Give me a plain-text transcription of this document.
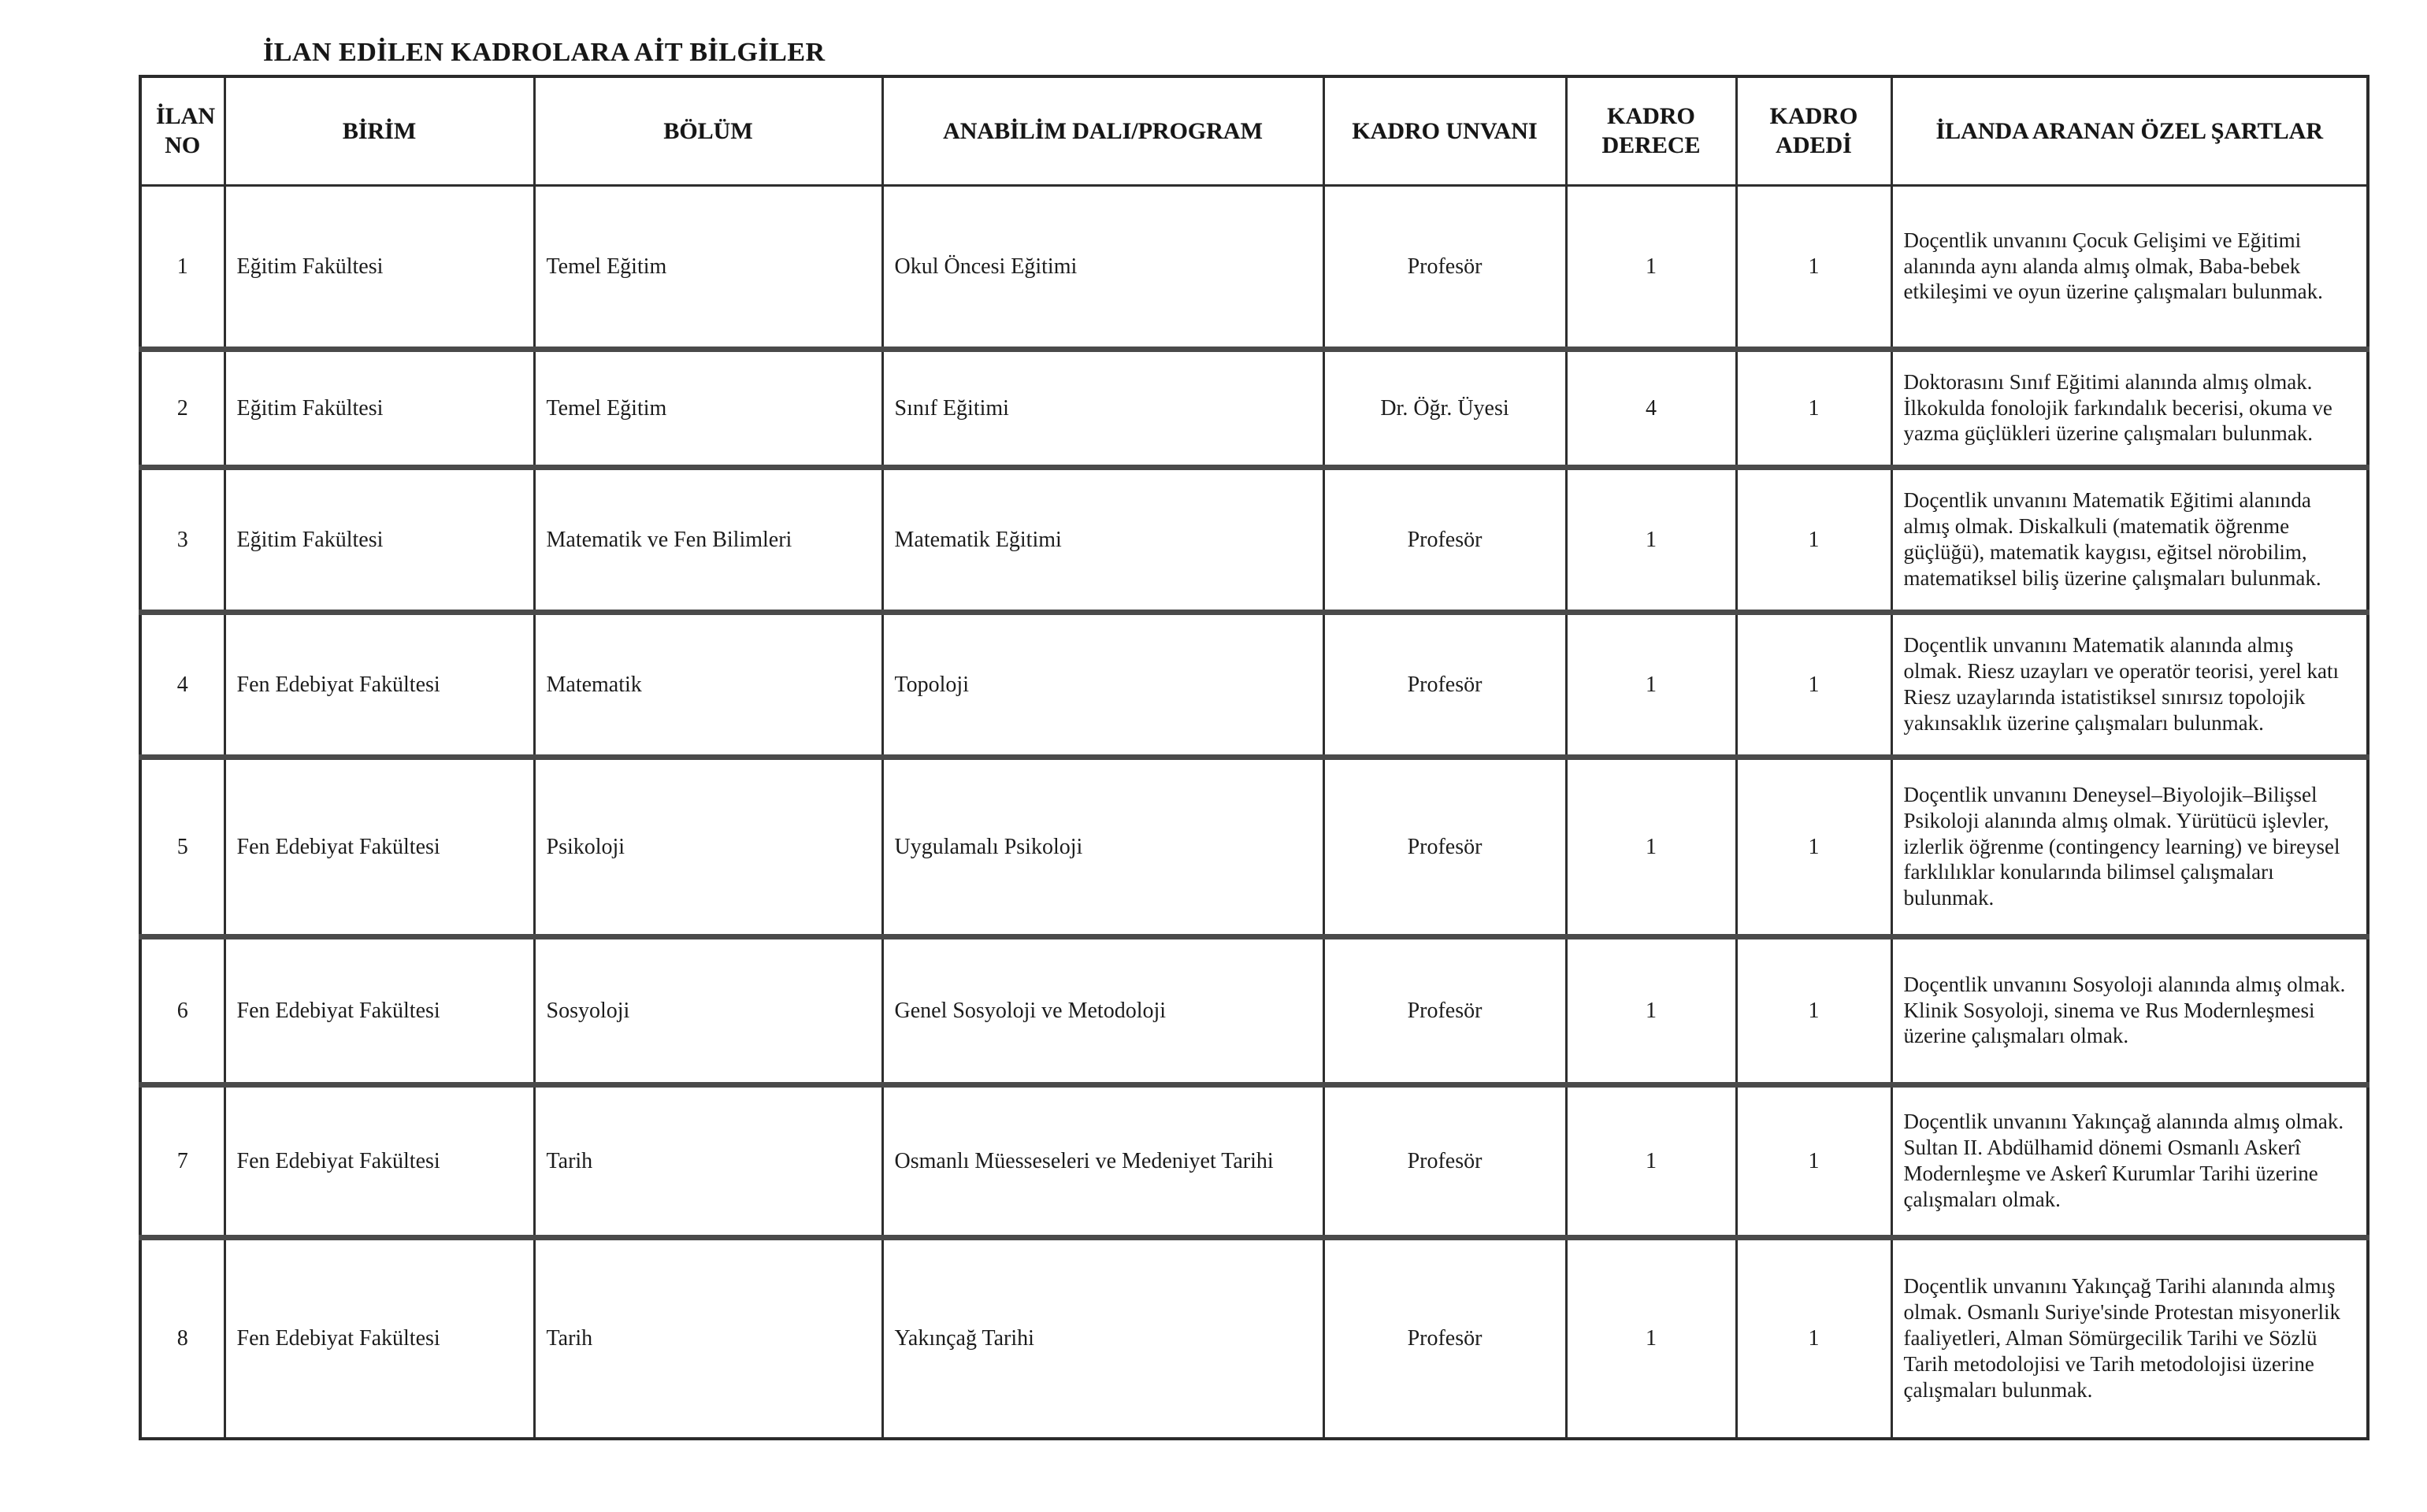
İLAN EDİLEN KADROLARA AİT BİLGİLER
İLAN NO	BİRİM	BÖLÜM	ANABİLİM DALI/PROGRAM	KADRO UNVANI	KADRO DERECE	KADRO ADEDİ	İLANDA ARANAN ÖZEL ŞARTLAR
1	Eğitim Fakültesi	Temel Eğitim	Okul Öncesi Eğitimi	Profesör	1	1	Doçentlik unvanını Çocuk Gelişimi ve Eğitimi alanında aynı alanda almış olmak, Baba-bebek etkileşimi ve oyun üzerine çalışmaları bulunmak.
2	Eğitim Fakültesi	Temel Eğitim	Sınıf Eğitimi	Dr. Öğr. Üyesi	4	1	Doktorasını Sınıf Eğitimi alanında almış olmak. İlkokulda fonolojik farkındalık becerisi, okuma ve yazma güçlükleri üzerine çalışmaları bulunmak.
3	Eğitim Fakültesi	Matematik ve Fen Bilimleri	Matematik Eğitimi	Profesör	1	1	Doçentlik unvanını Matematik Eğitimi alanında almış olmak. Diskalkuli (matematik öğrenme güçlüğü), matematik kaygısı, eğitsel nörobilim, matematiksel biliş üzerine çalışmaları bulunmak.
4	Fen Edebiyat Fakültesi	Matematik	Topoloji	Profesör	1	1	Doçentlik unvanını Matematik alanında almış olmak. Riesz uzayları ve operatör teorisi, yerel katı Riesz uzaylarında istatistiksel sınırsız topolojik yakınsaklık üzerine çalışmaları bulunmak.
5	Fen Edebiyat Fakültesi	Psikoloji	Uygulamalı Psikoloji	Profesör	1	1	Doçentlik unvanını Deneysel–Biyolojik–Bilişsel Psikoloji alanında almış olmak. Yürütücü işlevler, izlerlik öğrenme (contingency learning) ve bireysel farklılıklar konularında bilimsel çalışmaları bulunmak.
6	Fen Edebiyat Fakültesi	Sosyoloji	Genel Sosyoloji ve Metodoloji	Profesör	1	1	Doçentlik unvanını Sosyoloji alanında almış olmak. Klinik Sosyoloji, sinema ve Rus Modernleşmesi üzerine çalışmaları olmak.
7	Fen Edebiyat Fakültesi	Tarih	Osmanlı Müesseseleri ve Medeniyet Tarihi	Profesör	1	1	Doçentlik unvanını Yakınçağ alanında almış olmak. Sultan II. Abdülhamid dönemi Osmanlı Askerî Modernleşme ve Askerî Kurumlar Tarihi üzerine çalışmaları olmak.
8	Fen Edebiyat Fakültesi	Tarih	Yakınçağ Tarihi	Profesör	1	1	Doçentlik unvanını Yakınçağ Tarihi alanında almış olmak. Osmanlı Suriye'sinde Protestan misyonerlik faaliyetleri, Alman Sömürgecilik Tarihi ve Sözlü Tarih metodolojisi ve Tarih metodolojisi üzerine çalışmaları bulunmak.
